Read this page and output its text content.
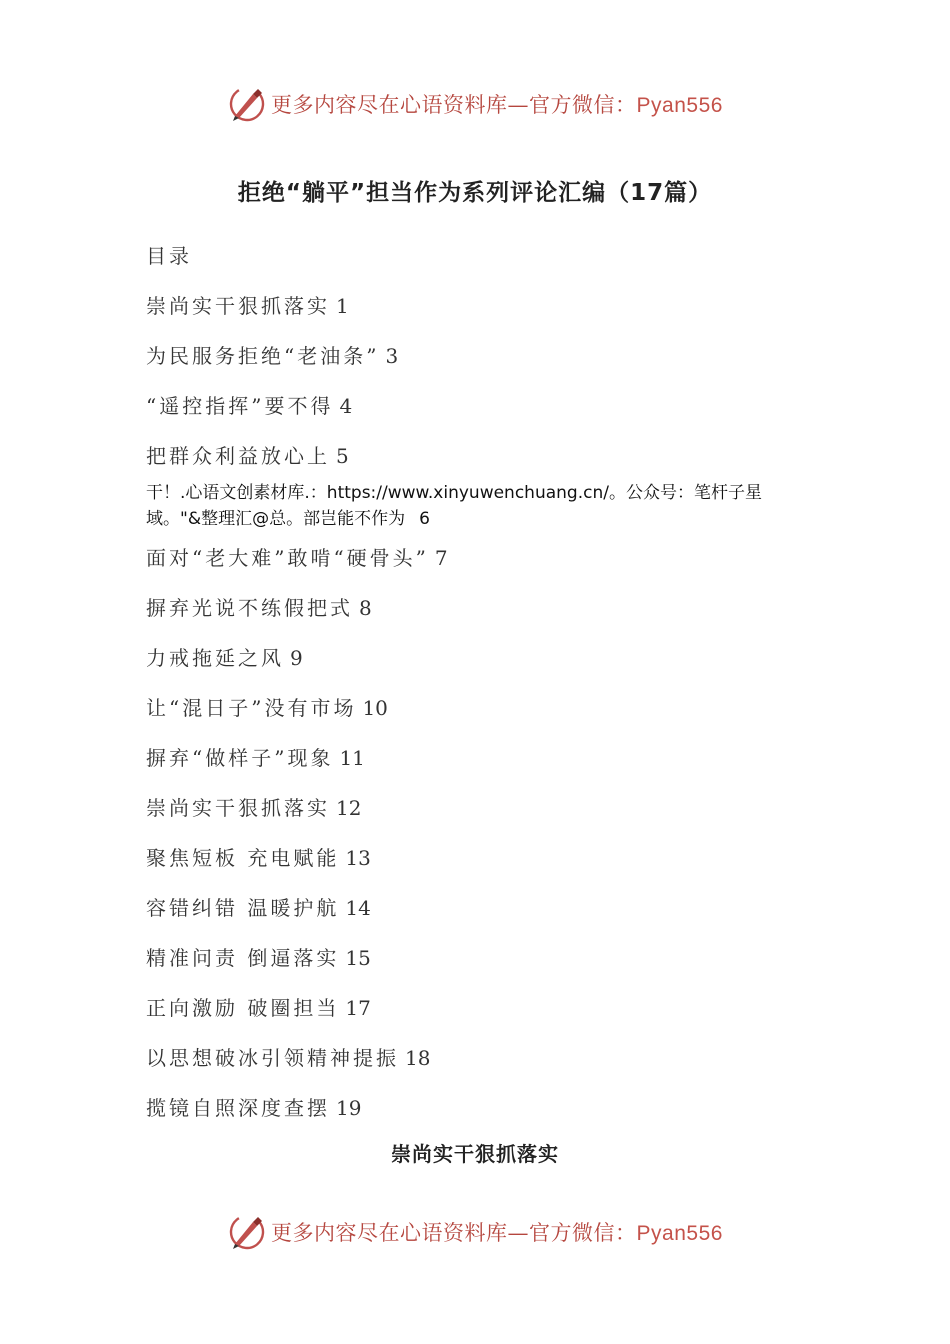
更多内容尽在心语资料库—官方微信：Pyan556
拒绝“躺平”担当作为系列评论汇编（17篇）
目录
崇尚实干狠抓落实 1
为民服务拒绝“老油条” 3
“遥控指挥”要不得 4
把群众利益放心上 5
干！.心语文创素材库.：https://www.xinyuwenchuang.cn/。公众号：笔杆子星域。"&整理汇@总。部岂能不作为 6
面对“老大难”敢啃“硬骨头” 7
摒弃光说不练假把式 8
力戒拖延之风 9
让“混日子”没有市场 10
摒弃“做样子”现象 11
崇尚实干狠抓落实 12
聚焦短板 充电赋能 13
容错纠错 温暖护航 14
精准问责 倒逼落实 15
正向激励 破圈担当 17
以思想破冰引领精神提振 18
揽镜自照深度查摆 19
崇尚实干狠抓落实
更多内容尽在心语资料库—官方微信：Pyan556
